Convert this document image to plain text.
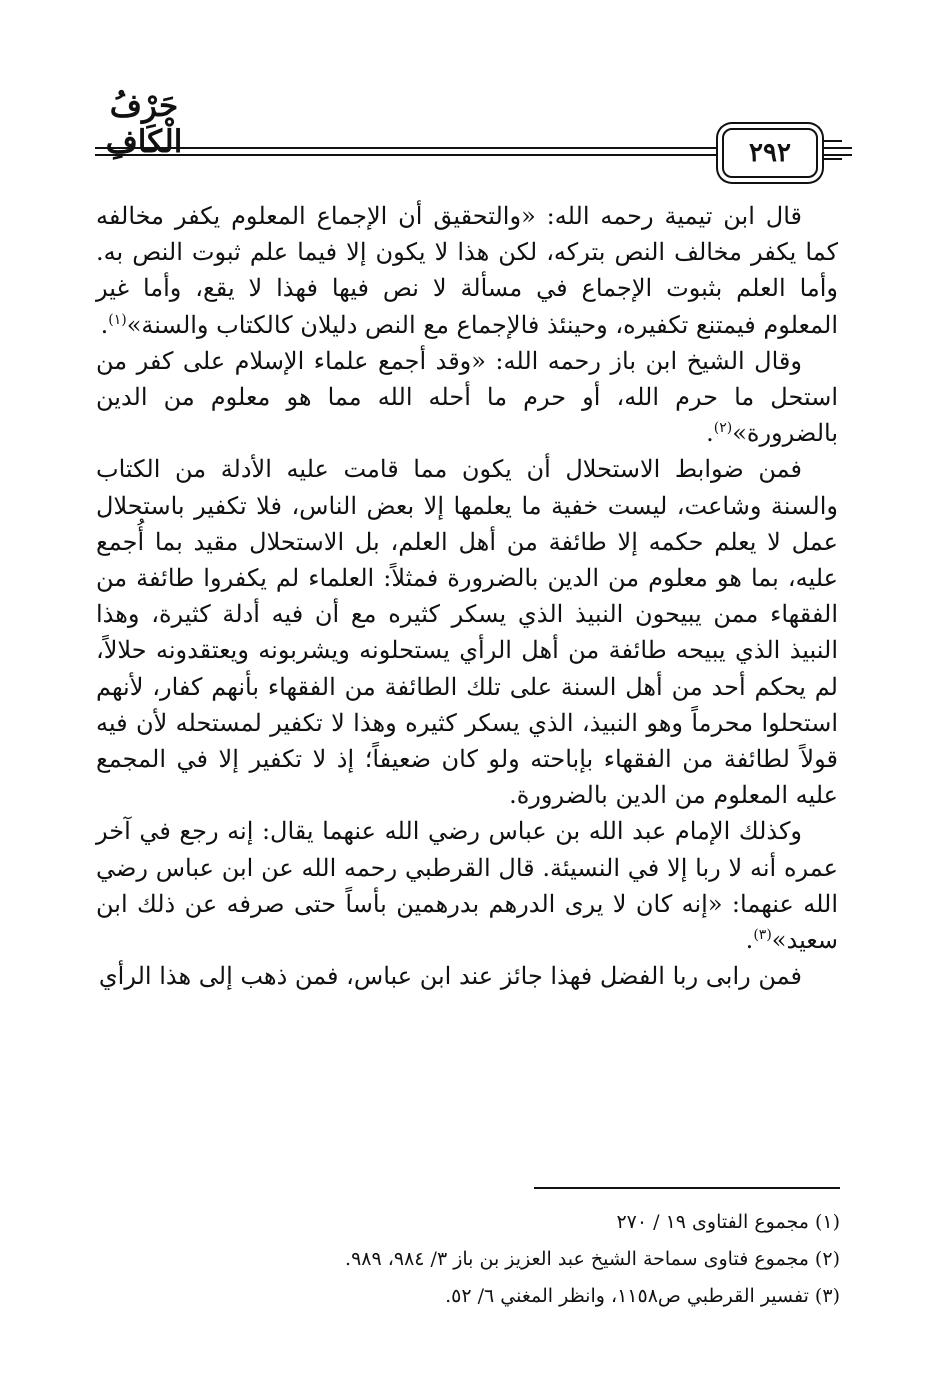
حَرْفُ الْكَافِ	٢٩٢

قال ابن تيمية رحمه الله: «والتحقيق أن الإجماع المعلوم يكفر مخالفه كما يكفر مخالف النص بتركه، لكن هذا لا يكون إلا فيما علم ثبوت النص به. وأما العلم بثبوت الإجماع في مسألة لا نص فيها فهذا لا يقع، وأما غير المعلوم فيمتنع تكفيره، وحينئذ فالإجماع مع النص دليلان كالكتاب والسنة»$^{(١)}$.

وقال الشيخ ابن باز رحمه الله: «وقد أجمع علماء الإسلام على كفر من استحل ما حرم الله، أو حرم ما أحله الله مما هو معلوم من الدين بالضرورة»$^{(٢)}$.

فمن ضوابط الاستحلال أن يكون مما قامت عليه الأدلة من الكتاب والسنة وشاعت، ليست خفية ما يعلمها إلا بعض الناس، فلا تكفير باستحلال عمل لا يعلم حكمه إلا طائفة من أهل العلم، بل الاستحلال مقيد بما أُجمع عليه، بما هو معلوم من الدين بالضرورة فمثلاً: العلماء لم يكفروا طائفة من الفقهاء ممن يبيحون النبيذ الذي يسكر كثيره مع أن فيه أدلة كثيرة، وهذا النبيذ الذي يبيحه طائفة من أهل الرأي يستحلونه ويشربونه ويعتقدونه حلالاً، لم يحكم أحد من أهل السنة على تلك الطائفة من الفقهاء بأنهم كفار، لأنهم استحلوا محرماً وهو النبيذ، الذي يسكر كثيره وهذا لا تكفير لمستحله لأن فيه قولاً لطائفة من الفقهاء بإباحته ولو كان ضعيفاً؛ إذ لا تكفير إلا في المجمع عليه المعلوم من الدين بالضرورة.

وكذلك الإمام عبد الله بن عباس رضي الله عنهما يقال: إنه رجع في آخر عمره أنه لا ربا إلا في النسيئة. قال القرطبي رحمه الله عن ابن عباس رضي الله عنهما: «إنه كان لا يرى الدرهم بدرهمين بأساً حتى صرفه عن ذلك ابن سعيد»$^{(٣)}$.

فمن رابى ربا الفضل فهذا جائز عند ابن عباس، فمن ذهب إلى هذا الرأي

(١) مجموع الفتاوى ١٩ / ٢٧٠
(٢) مجموع فتاوى سماحة الشيخ عبد العزيز بن باز ٣/ ٩٨٤، ٩٨٩.
(٣) تفسير القرطبي ص١١٥٨، وانظر المغني ٦/ ٥٢.
